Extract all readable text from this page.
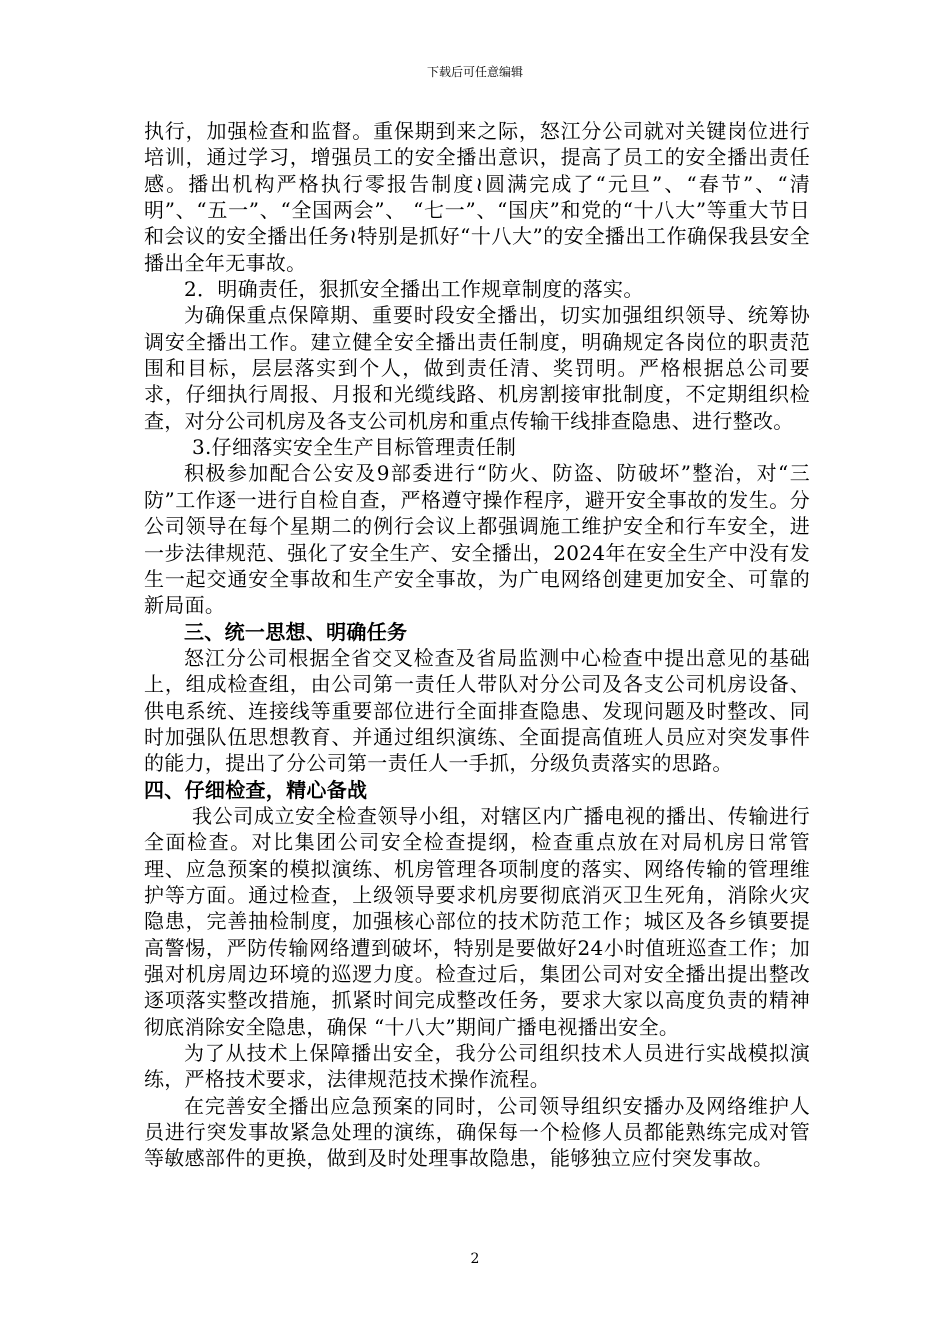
下载后可任意编辑

执行，加强检查和监督。重保期到来之际，怒江分公司就对关键岗位进行培训，通过学习，增强员工的安全播出意识，提高了员工的安全播出责任感。播出机构严格执行零报告制度≀圆满完成了“元旦”、“春节”、“清明”、“五一”、“全国两会”、 “七一”、“国庆”和党的“十八大”等重大节日和会议的安全播出任务≀特别是抓好“十八大”的安全播出工作确保我县安全播出全年无事故。

2．明确责任，狠抓安全播出工作规章制度的落实。

为确保重点保障期、重要时段安全播出，切实加强组织领导、统筹协调安全播出工作。建立健全安全播出责任制度，明确规定各岗位的职责范围和目标，层层落实到个人，做到责任清、奖罚明。严格根据总公司要求，仔细执行周报、月报和光缆线路、机房割接审批制度，不定期组织检查，对分公司机房及各支公司机房和重点传输干线排查隐患、进行整改。

3.仔细落实安全生产目标管理责任制

积极参加配合公安及9部委进行“防火、防盗、防破坏”整治，对“三防”工作逐一进行自检自查，严格遵守操作程序，避开安全事故的发生。分公司领导在每个星期二的例行会议上都强调施工维护安全和行车安全，进一步法律规范、强化了安全生产、安全播出，2024年在安全生产中没有发生一起交通安全事故和生产安全事故，为广电网络创建更加安全、可靠的新局面。

三、统一思想、明确任务

怒江分公司根据全省交叉检查及省局监测中心检查中提出意见的基础上，组成检查组，由公司第一责任人带队对分公司及各支公司机房设备、供电系统、连接线等重要部位进行全面排查隐患、发现问题及时整改、同时加强队伍思想教育、并通过组织演练、全面提高值班人员应对突发事件的能力，提出了分公司第一责任人一手抓，分级负责落实的思路。

四、仔细检查，精心备战

我公司成立安全检查领导小组，对辖区内广播电视的播出、传输进行全面检查。对比集团公司安全检查提纲，检查重点放在对局机房日常管理、应急预案的模拟演练、机房管理各项制度的落实、网络传输的管理维护等方面。通过检查，上级领导要求机房要彻底消灭卫生死角，消除火灾隐患，完善抽检制度，加强核心部位的技术防范工作；城区及各乡镇要提高警惕，严防传输网络遭到破坏，特别是要做好24小时值班巡查工作；加强对机房周边环境的巡逻力度。检查过后，集团公司对安全播出提出整改逐项落实整改措施，抓紧时间完成整改任务，要求大家以高度负责的精神彻底消除安全隐患，确保 “十八大”期间广播电视播出安全。

为了从技术上保障播出安全，我分公司组织技术人员进行实战模拟演练，严格技术要求，法律规范技术操作流程。

在完善安全播出应急预案的同时，公司领导组织安播办及网络维护人员进行突发事故紧急处理的演练，确保每一个检修人员都能熟练完成对管等敏感部件的更换，做到及时处理事故隐患，能够独立应付突发事故。

2
